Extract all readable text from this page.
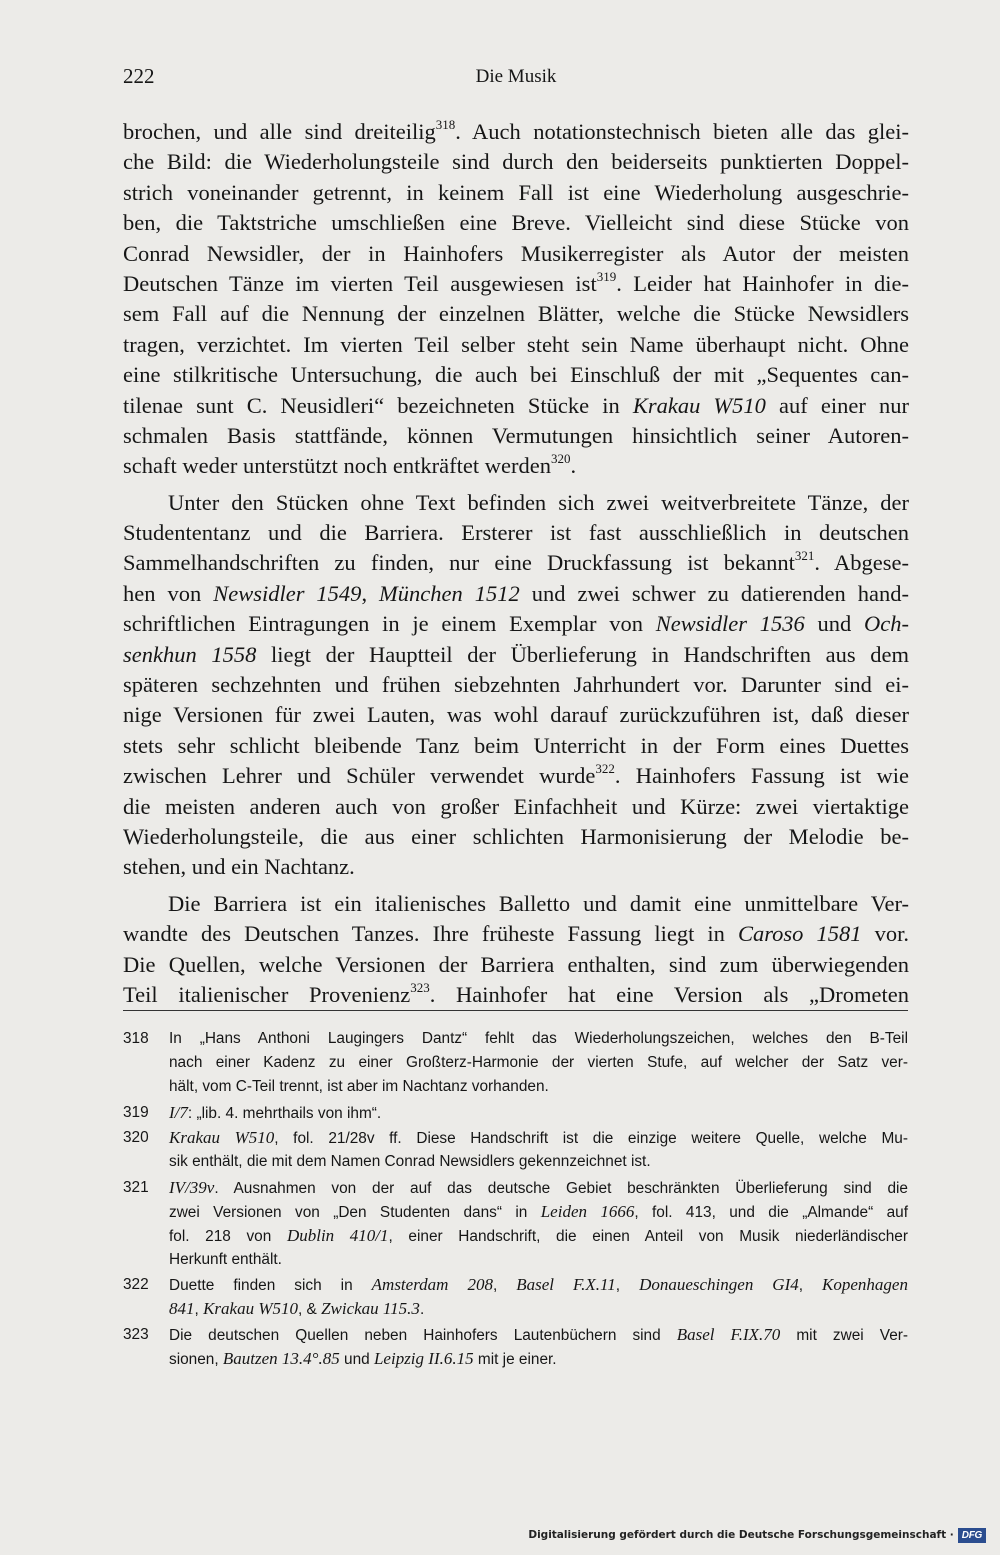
222	Die Musik
brochen, und alle sind dreiteilig$^{318}$. Auch notationstechnisch bieten alle das glei-
che Bild: die Wiederholungsteile sind durch den beiderseits punktierten Doppel-
strich voneinander getrennt, in keinem Fall ist eine Wiederholung ausgeschrie-
ben, die Taktstriche umschließen eine Breve. Vielleicht sind diese Stücke von
Conrad Newsidler, der in Hainhofers Musikerregister als Autor der meisten
Deutschen Tänze im vierten Teil ausgewiesen ist$^{319}$. Leider hat Hainhofer in die-
sem Fall auf die Nennung der einzelnen Blätter, welche die Stücke Newsidlers
tragen, verzichtet. Im vierten Teil selber steht sein Name überhaupt nicht. Ohne
eine stilkritische Untersuchung, die auch bei Einschluß der mit „Sequentes can-
tilenae sunt C. Neusidleri“ bezeichneten Stücke in Krakau W510 auf einer nur
schmalen Basis stattfände, können Vermutungen hinsichtlich seiner Autoren-
schaft weder unterstützt noch entkräftet werden$^{320}$.
Unter den Stücken ohne Text befinden sich zwei weitverbreitete Tänze, der
Studententanz und die Barriera. Ersterer ist fast ausschließlich in deutschen
Sammelhandschriften zu finden, nur eine Druckfassung ist bekannt$^{321}$. Abgese-
hen von Newsidler 1549, München 1512 und zwei schwer zu datierenden hand-
schriftlichen Eintragungen in je einem Exemplar von Newsidler 1536 und Och-
senkhun 1558 liegt der Hauptteil der Überlieferung in Handschriften aus dem
späteren sechzehnten und frühen siebzehnten Jahrhundert vor. Darunter sind ei-
nige Versionen für zwei Lauten, was wohl darauf zurückzuführen ist, daß dieser
stets sehr schlicht bleibende Tanz beim Unterricht in der Form eines Duettes
zwischen Lehrer und Schüler verwendet wurde$^{322}$. Hainhofers Fassung ist wie
die meisten anderen auch von großer Einfachheit und Kürze: zwei viertaktige
Wiederholungsteile, die aus einer schlichten Harmonisierung der Melodie be-
stehen, und ein Nachtanz.
Die Barriera ist ein italienisches Balletto und damit eine unmittelbare Ver-
wandte des Deutschen Tanzes. Ihre früheste Fassung liegt in Caroso 1581 vor.
Die Quellen, welche Versionen der Barriera enthalten, sind zum überwiegenden
Teil italienischer Provenienz$^{323}$. Hainhofer hat eine Version als „Drometen
318 In „Hans Anthoni Laugingers Dantz“ fehlt das Wiederholungszeichen, welches den B-Teil
nach einer Kadenz zu einer Großterz-Harmonie der vierten Stufe, auf welcher der Satz ver-
hält, vom C-Teil trennt, ist aber im Nachtanz vorhanden.
319 I/7: „lib. 4. mehrthails von ihm“.
320 Krakau W510, fol. 21/28v ff. Diese Handschrift ist die einzige weitere Quelle, welche Mu-
sik enthält, die mit dem Namen Conrad Newsidlers gekennzeichnet ist.
321 IV/39v. Ausnahmen von der auf das deutsche Gebiet beschränkten Überlieferung sind die
zwei Versionen von „Den Studenten dans“ in Leiden 1666, fol. 413, und die „Almande“ auf
fol. 218 von Dublin 410/1, einer Handschrift, die einen Anteil von Musik niederländischer
Herkunft enthält.
322 Duette finden sich in Amsterdam 208, Basel F.X.11, Donaueschingen GI4, Kopenhagen
841, Krakau W510, & Zwickau 115.3.
323 Die deutschen Quellen neben Hainhofers Lautenbüchern sind Basel F.IX.70 mit zwei Ver-
sionen, Bautzen 13.4°.85 und Leipzig II.6.15 mit je einer.
Digitalisierung gefördert durch die Deutsche Forschungsgemeinschaft · DFG
